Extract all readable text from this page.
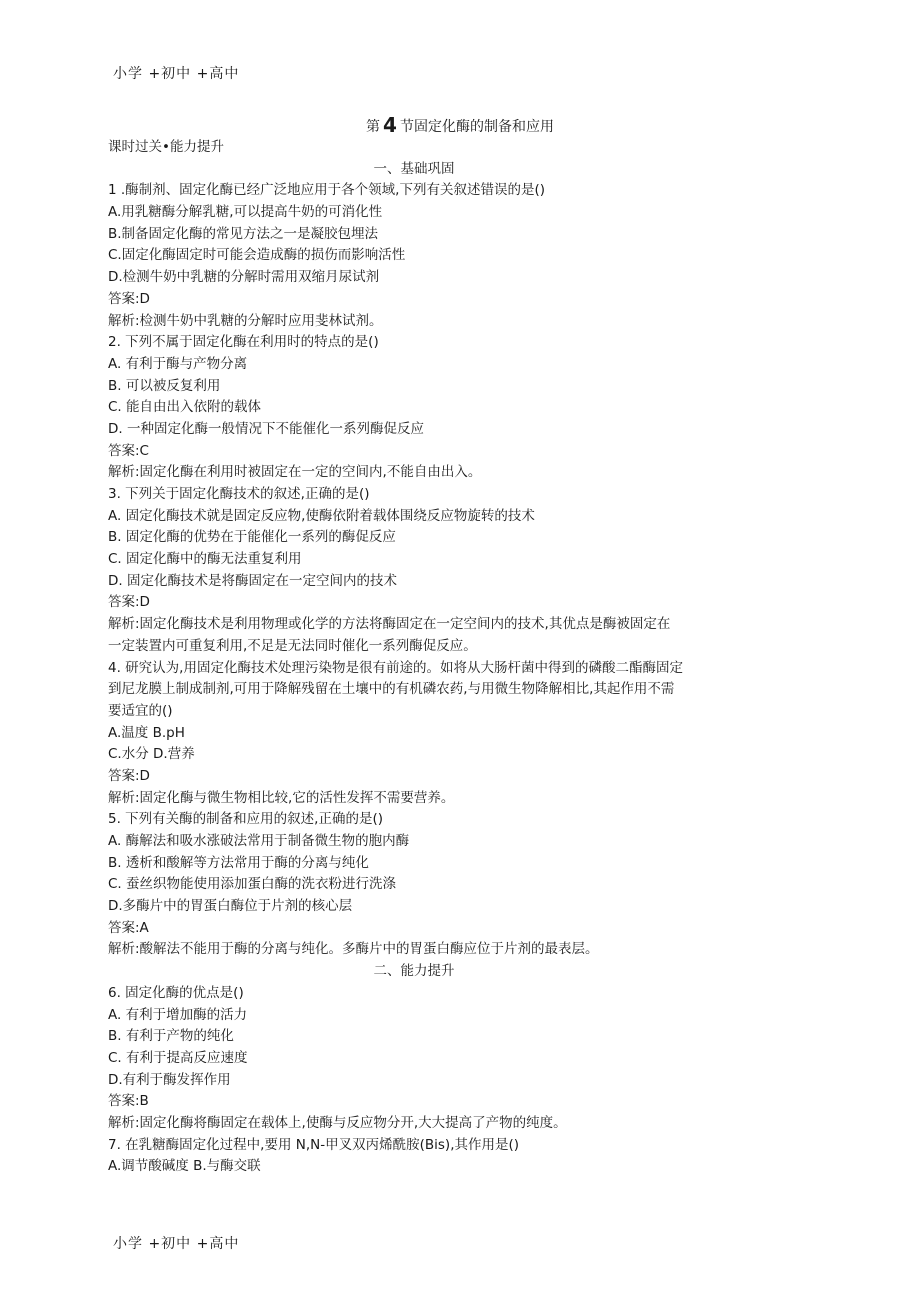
小学 +初中 +高中
第 4 节固定化酶的制备和应用
课时过关•能力提升
一、基础巩固
1 .酶制剂、固定化酶已经广泛地应用于各个领域,下列有关叙述错误的是()
A.用乳糖酶分解乳糖,可以提高牛奶的可消化性
B.制备固定化酶的常见方法之一是凝胶包埋法
C.固定化酶固定时可能会造成酶的损伤而影响活性
D.检测牛奶中乳糖的分解时需用双缩月尿试剂
答案:D
解析:检测牛奶中乳糖的分解时应用斐林试剂。
2. 下列不属于固定化酶在利用时的特点的是()
A. 有利于酶与产物分离
B. 可以被反复利用
C. 能自由出入依附的载体
D. 一种固定化酶一般情况下不能催化一系列酶促反应
答案:C
解析:固定化酶在利用时被固定在一定的空间内,不能自由出入。
3. 下列关于固定化酶技术的叙述,正确的是()
A. 固定化酶技术就是固定反应物,使酶依附着载体围绕反应物旋转的技术
B. 固定化酶的优势在于能催化一系列的酶促反应
C. 固定化酶中的酶无法重复利用
D. 固定化酶技术是将酶固定在一定空间内的技术
答案:D
解析:固定化酶技术是利用物理或化学的方法将酶固定在一定空间内的技术,其优点是酶被固定在
一定装置内可重复利用,不足是无法同时催化一系列酶促反应。
4. 研究认为,用固定化酶技术处理污染物是很有前途的。如将从大肠杆菌中得到的磷酸二酯酶固定
到尼龙膜上制成制剂,可用于降解残留在土壤中的有机磷农药,与用微生物降解相比,其起作用不需
要适宜的()
A.温度 B.pH
C.水分 D.营养
答案:D
解析:固定化酶与微生物相比较,它的活性发挥不需要营养。
5. 下列有关酶的制备和应用的叙述,正确的是()
A. 酶解法和吸水涨破法常用于制备微生物的胞内酶
B. 透析和酸解等方法常用于酶的分离与纯化
C. 蚕丝织物能使用添加蛋白酶的洗衣粉进行洗涤
D.多酶片中的胃蛋白酶位于片剂的核心层
答案:A
解析:酸解法不能用于酶的分离与纯化。多酶片中的胃蛋白酶应位于片剂的最表层。
二、能力提升
6. 固定化酶的优点是()
A. 有利于增加酶的活力
B. 有利于产物的纯化
C. 有利于提高反应速度
D.有利于酶发挥作用
答案:B
解析:固定化酶将酶固定在载体上,使酶与反应物分开,大大提高了产物的纯度。
7. 在乳糖酶固定化过程中,要用 N,N-甲叉双丙烯酰胺(Bis),其作用是()
A.调节酸碱度 B.与酶交联
小学 +初中 +高中
